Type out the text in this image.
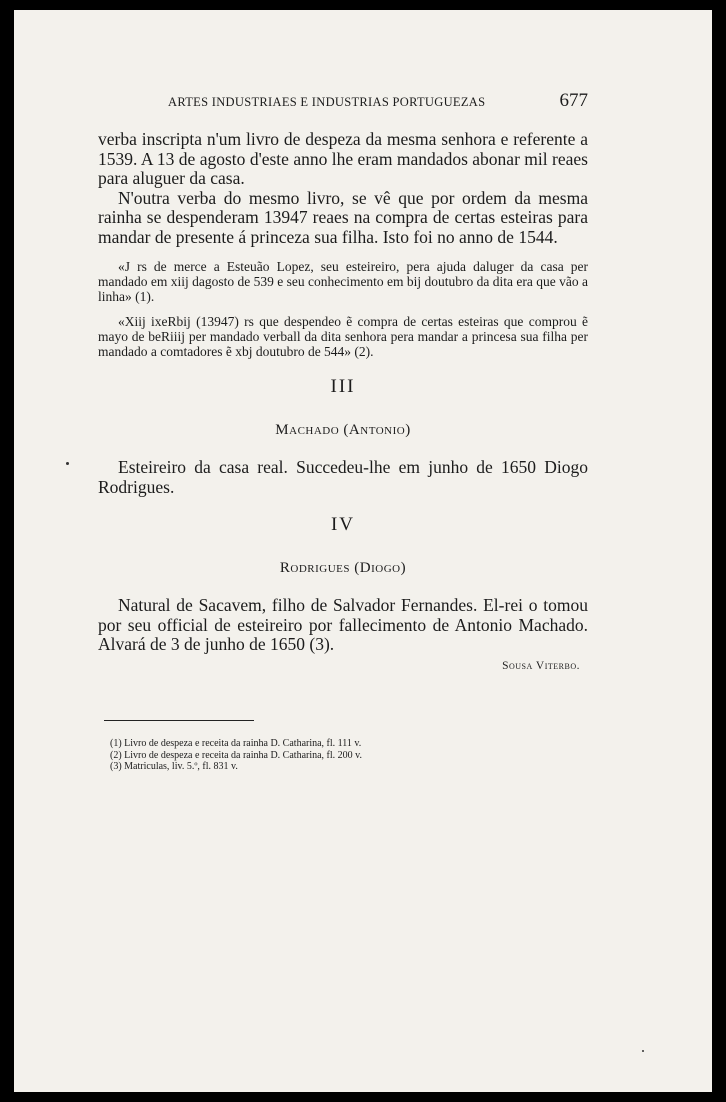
ARTES INDUSTRIAES E INDUSTRIAS PORTUGUEZAS	677

verba inscripta n'um livro de despeza da mesma senhora e referente a 1539. A 13 de agosto d'este anno lhe eram mandados abonar mil reaes para aluguer da casa.

N'outra verba do mesmo livro, se vê que por ordem da mesma rainha se despenderam 13947 reaes na compra de certas esteiras para mandar de presente á princeza sua filha. Isto foi no anno de 1544.

«J rs de merce a Esteuão Lopez, seu esteireiro, pera ajuda daluger da casa per mandado em xiij dagosto de 539 e seu conhecimento em bij doutubro da dita era que vão a linha» (1).

«Xiij ixeRbij (13947) rs que despendeo ẽ compra de certas esteiras que comprou ẽ mayo de beRiiij per mandado verball da dita senhora pera mandar a princesa sua filha per mandado a comtadores ẽ xbj doutubro de 544» (2).

III

Machado (Antonio)

Esteireiro da casa real. Succedeu-lhe em junho de 1650 Diogo Rodrigues.

IV

Rodrigues (Diogo)

Natural de Sacavem, filho de Salvador Fernandes. El-rei o tomou por seu official de esteireiro por fallecimento de Antonio Machado. Alvará de 3 de junho de 1650 (3).

Sousa Viterbo.

(1) Livro de despeza e receita da rainha D. Catharina, fl. 111 v.
(2) Livro de despeza e receita da rainha D. Catharina, fl. 200 v.
(3) Matriculas, liv. 5.º, fl. 831 v.
